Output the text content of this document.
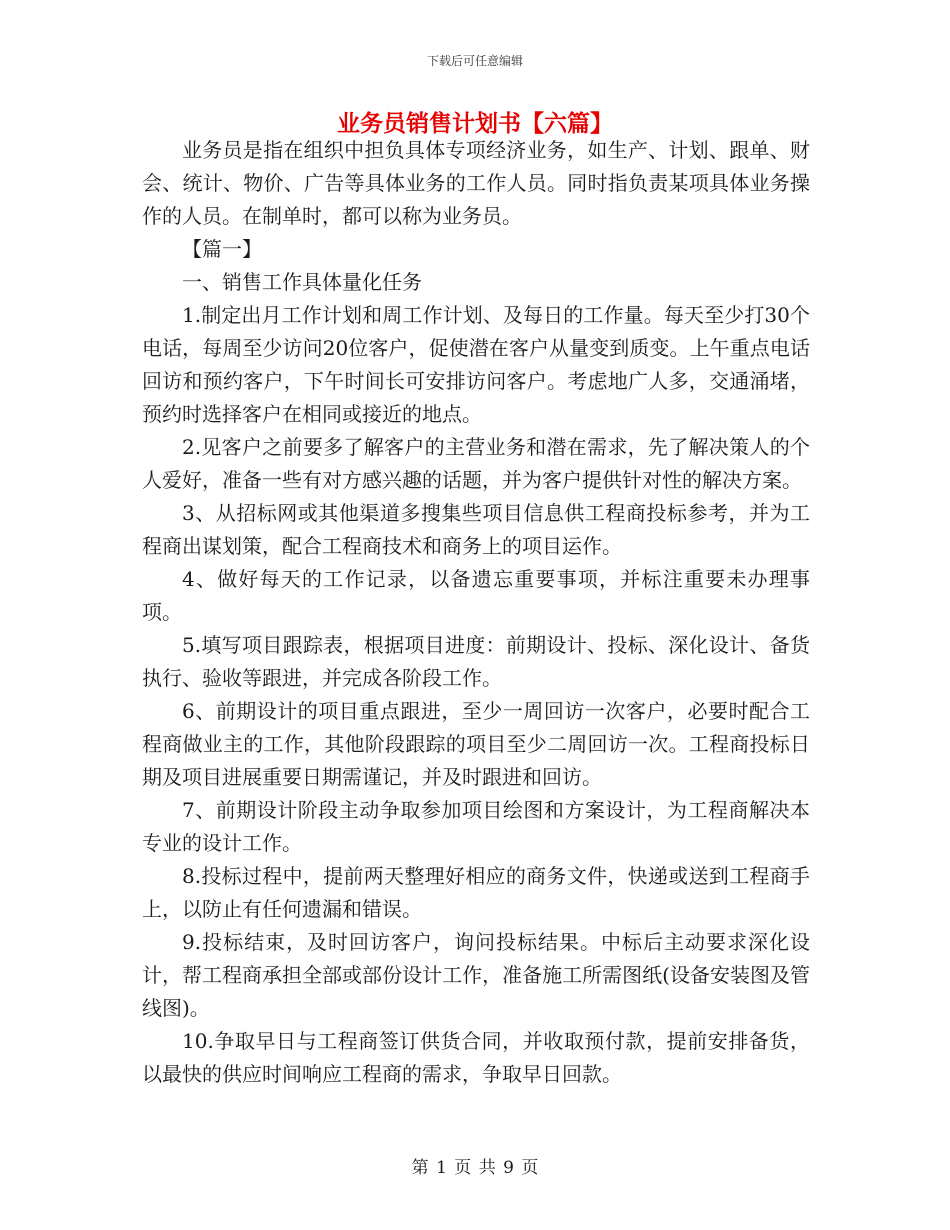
下载后可任意编辑
业务员销售计划书【六篇】

业务员是指在组织中担负具体专项经济业务，如生产、计划、跟单、财会、统计、物价、广告等具体业务的工作人员。同时指负责某项具体业务操作的人员。在制单时，都可以称为业务员。

【篇一】

一、销售工作具体量化任务

1.制定出月工作计划和周工作计划、及每日的工作量。每天至少打30个电话，每周至少访问20位客户，促使潜在客户从量变到质变。上午重点电话回访和预约客户，下午时间长可安排访问客户。考虑地广人多，交通涌堵，预约时选择客户在相同或接近的地点。

2.见客户之前要多了解客户的主营业务和潜在需求，先了解决策人的个人爱好，准备一些有对方感兴趣的话题，并为客户提供针对性的解决方案。

3、从招标网或其他渠道多搜集些项目信息供工程商投标参考，并为工程商出谋划策，配合工程商技术和商务上的项目运作。

4、做好每天的工作记录，以备遗忘重要事项，并标注重要未办理事项。

5.填写项目跟踪表，根据项目进度：前期设计、投标、深化设计、备货执行、验收等跟进，并完成各阶段工作。

6、前期设计的项目重点跟进，至少一周回访一次客户，必要时配合工程商做业主的工作，其他阶段跟踪的项目至少二周回访一次。工程商投标日期及项目进展重要日期需谨记，并及时跟进和回访。

7、前期设计阶段主动争取参加项目绘图和方案设计，为工程商解决本专业的设计工作。

8.投标过程中，提前两天整理好相应的商务文件，快递或送到工程商手上，以防止有任何遗漏和错误。

9.投标结束，及时回访客户，询问投标结果。中标后主动要求深化设计，帮工程商承担全部或部份设计工作，准备施工所需图纸(设备安装图及管线图)。

10.争取早日与工程商签订供货合同，并收取预付款，提前安排备货，以最快的供应时间响应工程商的需求，争取早日回款。

第 1 页 共 9 页
